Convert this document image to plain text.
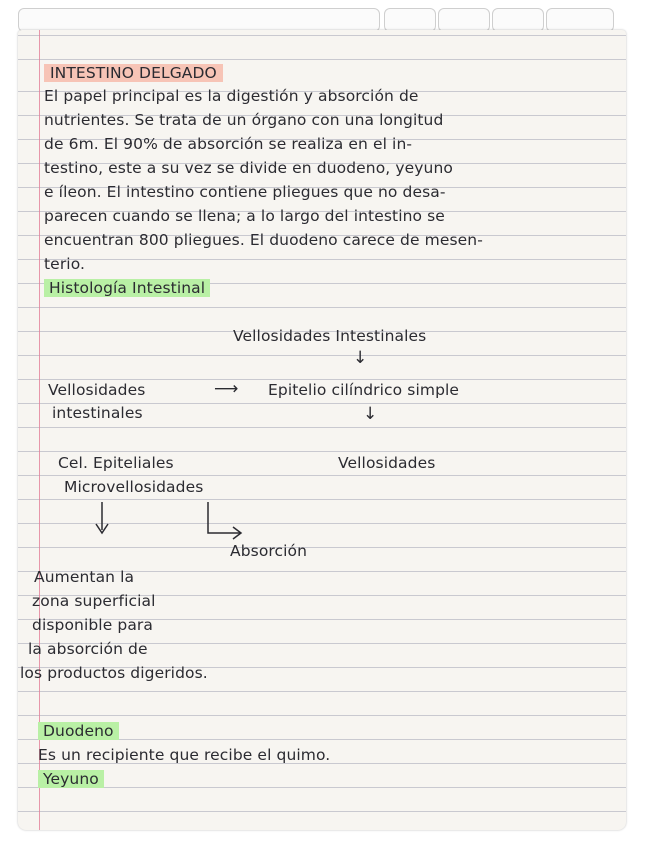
INTESTINO DELGADO
El papel principal es la digestión y absorción de
nutrientes. Se trata de un órgano con una longitud
de 6m. El 90% de absorción se realiza en el in-
testino, este a su vez se divide en duodeno, yeyuno
e íleon. El intestino contiene pliegues que no desa-
parecen cuando se llena; a lo largo del intestino se
encuentran 800 pliegues. El duodeno carece de mesen-
terio.
Histología Intestinal
Vellosidades Intestinales
↓
Vellosidades
intestinales
⟶ Epitelio cilíndrico simple
↓
Vellosidades
Cel. Epiteliales
Microvellosidades
Absorción
Aumentan la
zona superficial
disponible para
la absorción de
los productos digeridos.
Duodeno
Es un recipiente que recibe el quimo.
Yeyuno
